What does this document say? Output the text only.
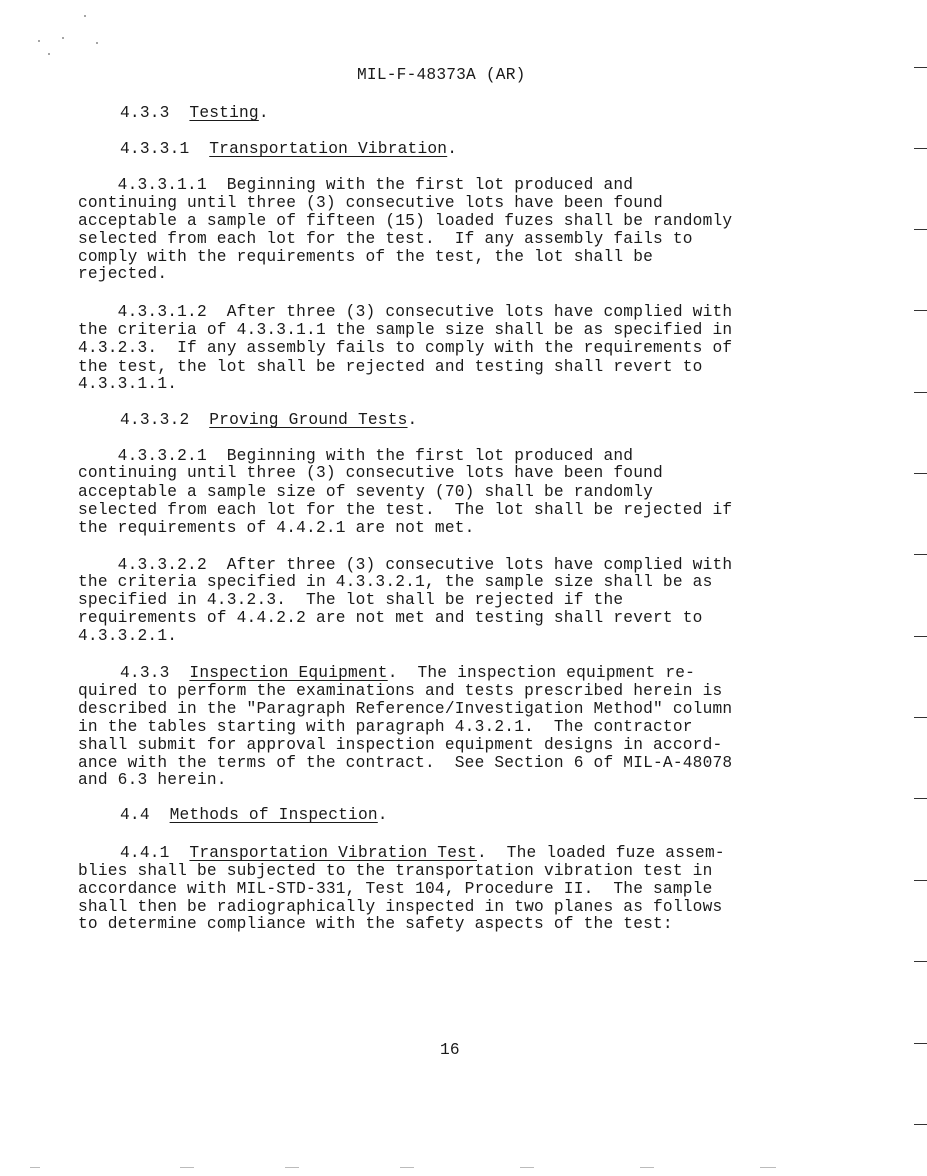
MIL-F-48373A (AR)
4.3.3 Testing.
4.3.3.1 Transportation Vibration.
4.3.3.1.1  Beginning with the first lot produced and
continuing until three (3) consecutive lots have been found
acceptable a sample of fifteen (15) loaded fuzes shall be randomly
selected from each lot for the test.  If any assembly fails to
comply with the requirements of the test, the lot shall be
rejected.
4.3.3.1.2  After three (3) consecutive lots have complied with
the criteria of 4.3.3.1.1 the sample size shall be as specified in
4.3.2.3.  If any assembly fails to comply with the requirements of
the test, the lot shall be rejected and testing shall revert to
4.3.3.1.1.
4.3.3.2 Proving Ground Tests.
4.3.3.2.1  Beginning with the first lot produced and
continuing until three (3) consecutive lots have been found
acceptable a sample size of seventy (70) shall be randomly
selected from each lot for the test.  The lot shall be rejected if
the requirements of 4.4.2.1 are not met.
4.3.3.2.2  After three (3) consecutive lots have complied with
the criteria specified in 4.3.3.2.1, the sample size shall be as
specified in 4.3.2.3.  The lot shall be rejected if the
requirements of 4.4.2.2 are not met and testing shall revert to
4.3.3.2.1.
4.3.3 Inspection Equipment.  The inspection equipment re-
quired to perform the examinations and tests prescribed herein is
described in the "Paragraph Reference/Investigation Method" column
in the tables starting with paragraph 4.3.2.1.  The contractor
shall submit for approval inspection equipment designs in accord-
ance with the terms of the contract.  See Section 6 of MIL-A-48078
and 6.3 herein.
4.4 Methods of Inspection.
4.4.1 Transportation Vibration Test.  The loaded fuze assem-
blies shall be subjected to the transportation vibration test in
accordance with MIL-STD-331, Test 104, Procedure II.  The sample
shall then be radiographically inspected in two planes as follows
to determine compliance with the safety aspects of the test:
16
